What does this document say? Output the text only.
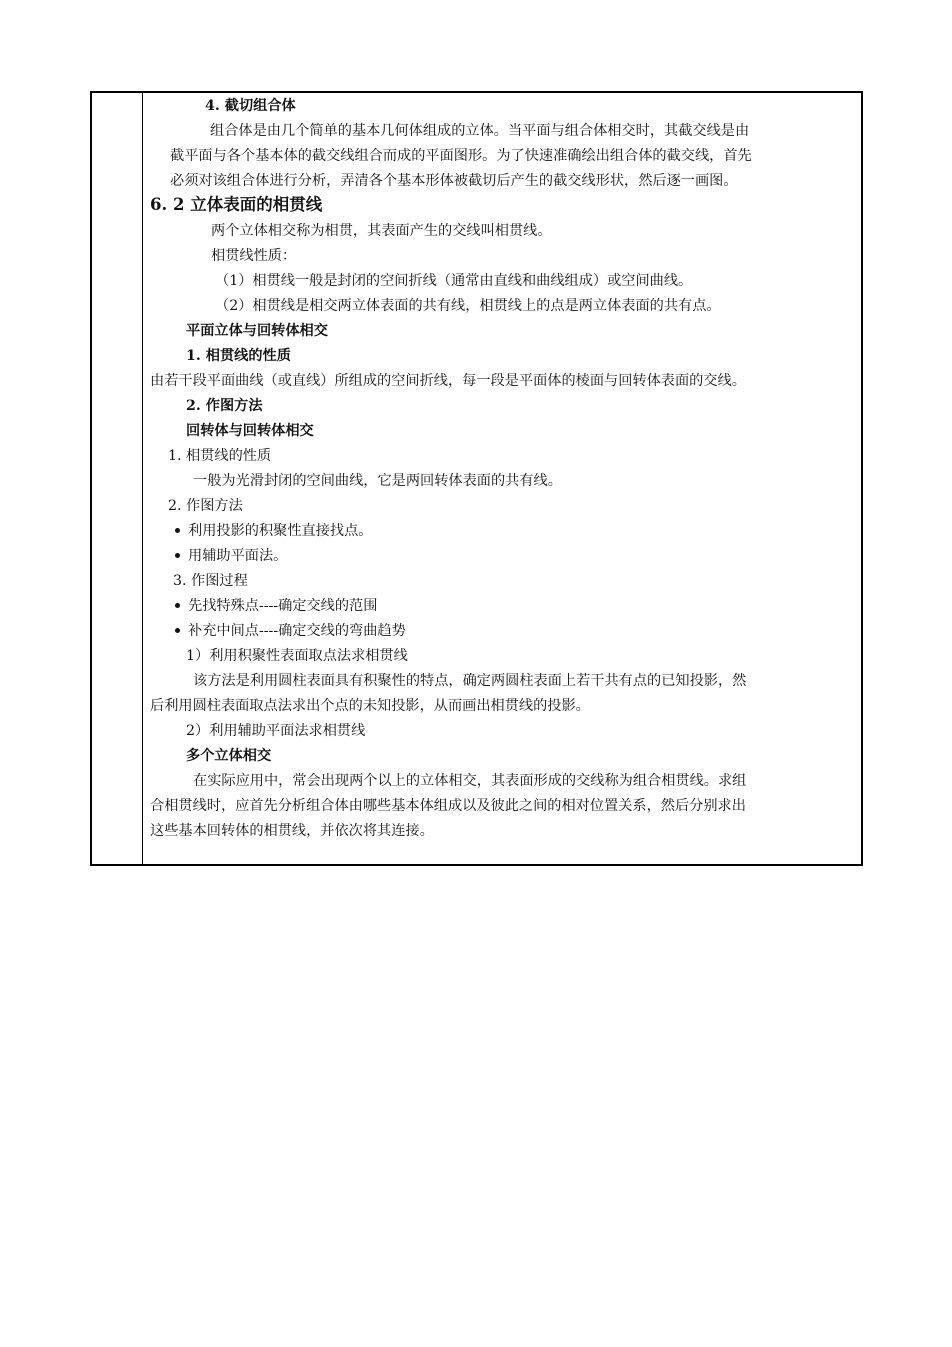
4. 截切组合体
组合体是由几个简单的基本几何体组成的立体。当平面与组合体相交时，其截交线是由
截平面与各个基本体的截交线组合而成的平面图形。为了快速准确绘出组合体的截交线，首先
必须对该组合体进行分析，弄清各个基本形体被截切后产生的截交线形状，然后逐一画图。
6. 2 立体表面的相贯线
两个立体相交称为相贯，其表面产生的交线叫相贯线。
相贯线性质：
（1）相贯线一般是封闭的空间折线（通常由直线和曲线组成）或空间曲线。
（2）相贯线是相交两立体表面的共有线，相贯线上的点是两立体表面的共有点。
平面立体与回转体相交
1. 相贯线的性质
由若干段平面曲线（或直线）所组成的空间折线，每一段是平面体的棱面与回转体表面的交线。
2. 作图方法
回转体与回转体相交
1. 相贯线的性质
一般为光滑封闭的空间曲线，它是两回转体表面的共有线。
2. 作图方法
利用投影的积聚性直接找点。
用辅助平面法。
3. 作图过程
先找特殊点----确定交线的范围
补充中间点----确定交线的弯曲趋势
1）利用积聚性表面取点法求相贯线
该方法是利用圆柱表面具有积聚性的特点，确定两圆柱表面上若干共有点的已知投影，然
后利用圆柱表面取点法求出个点的未知投影，从而画出相贯线的投影。
2）利用辅助平面法求相贯线
多个立体相交
在实际应用中，常会出现两个以上的立体相交，其表面形成的交线称为组合相贯线。求组
合相贯线时，应首先分析组合体由哪些基本体组成以及彼此之间的相对位置关系，然后分别求出
这些基本回转体的相贯线，并依次将其连接。
